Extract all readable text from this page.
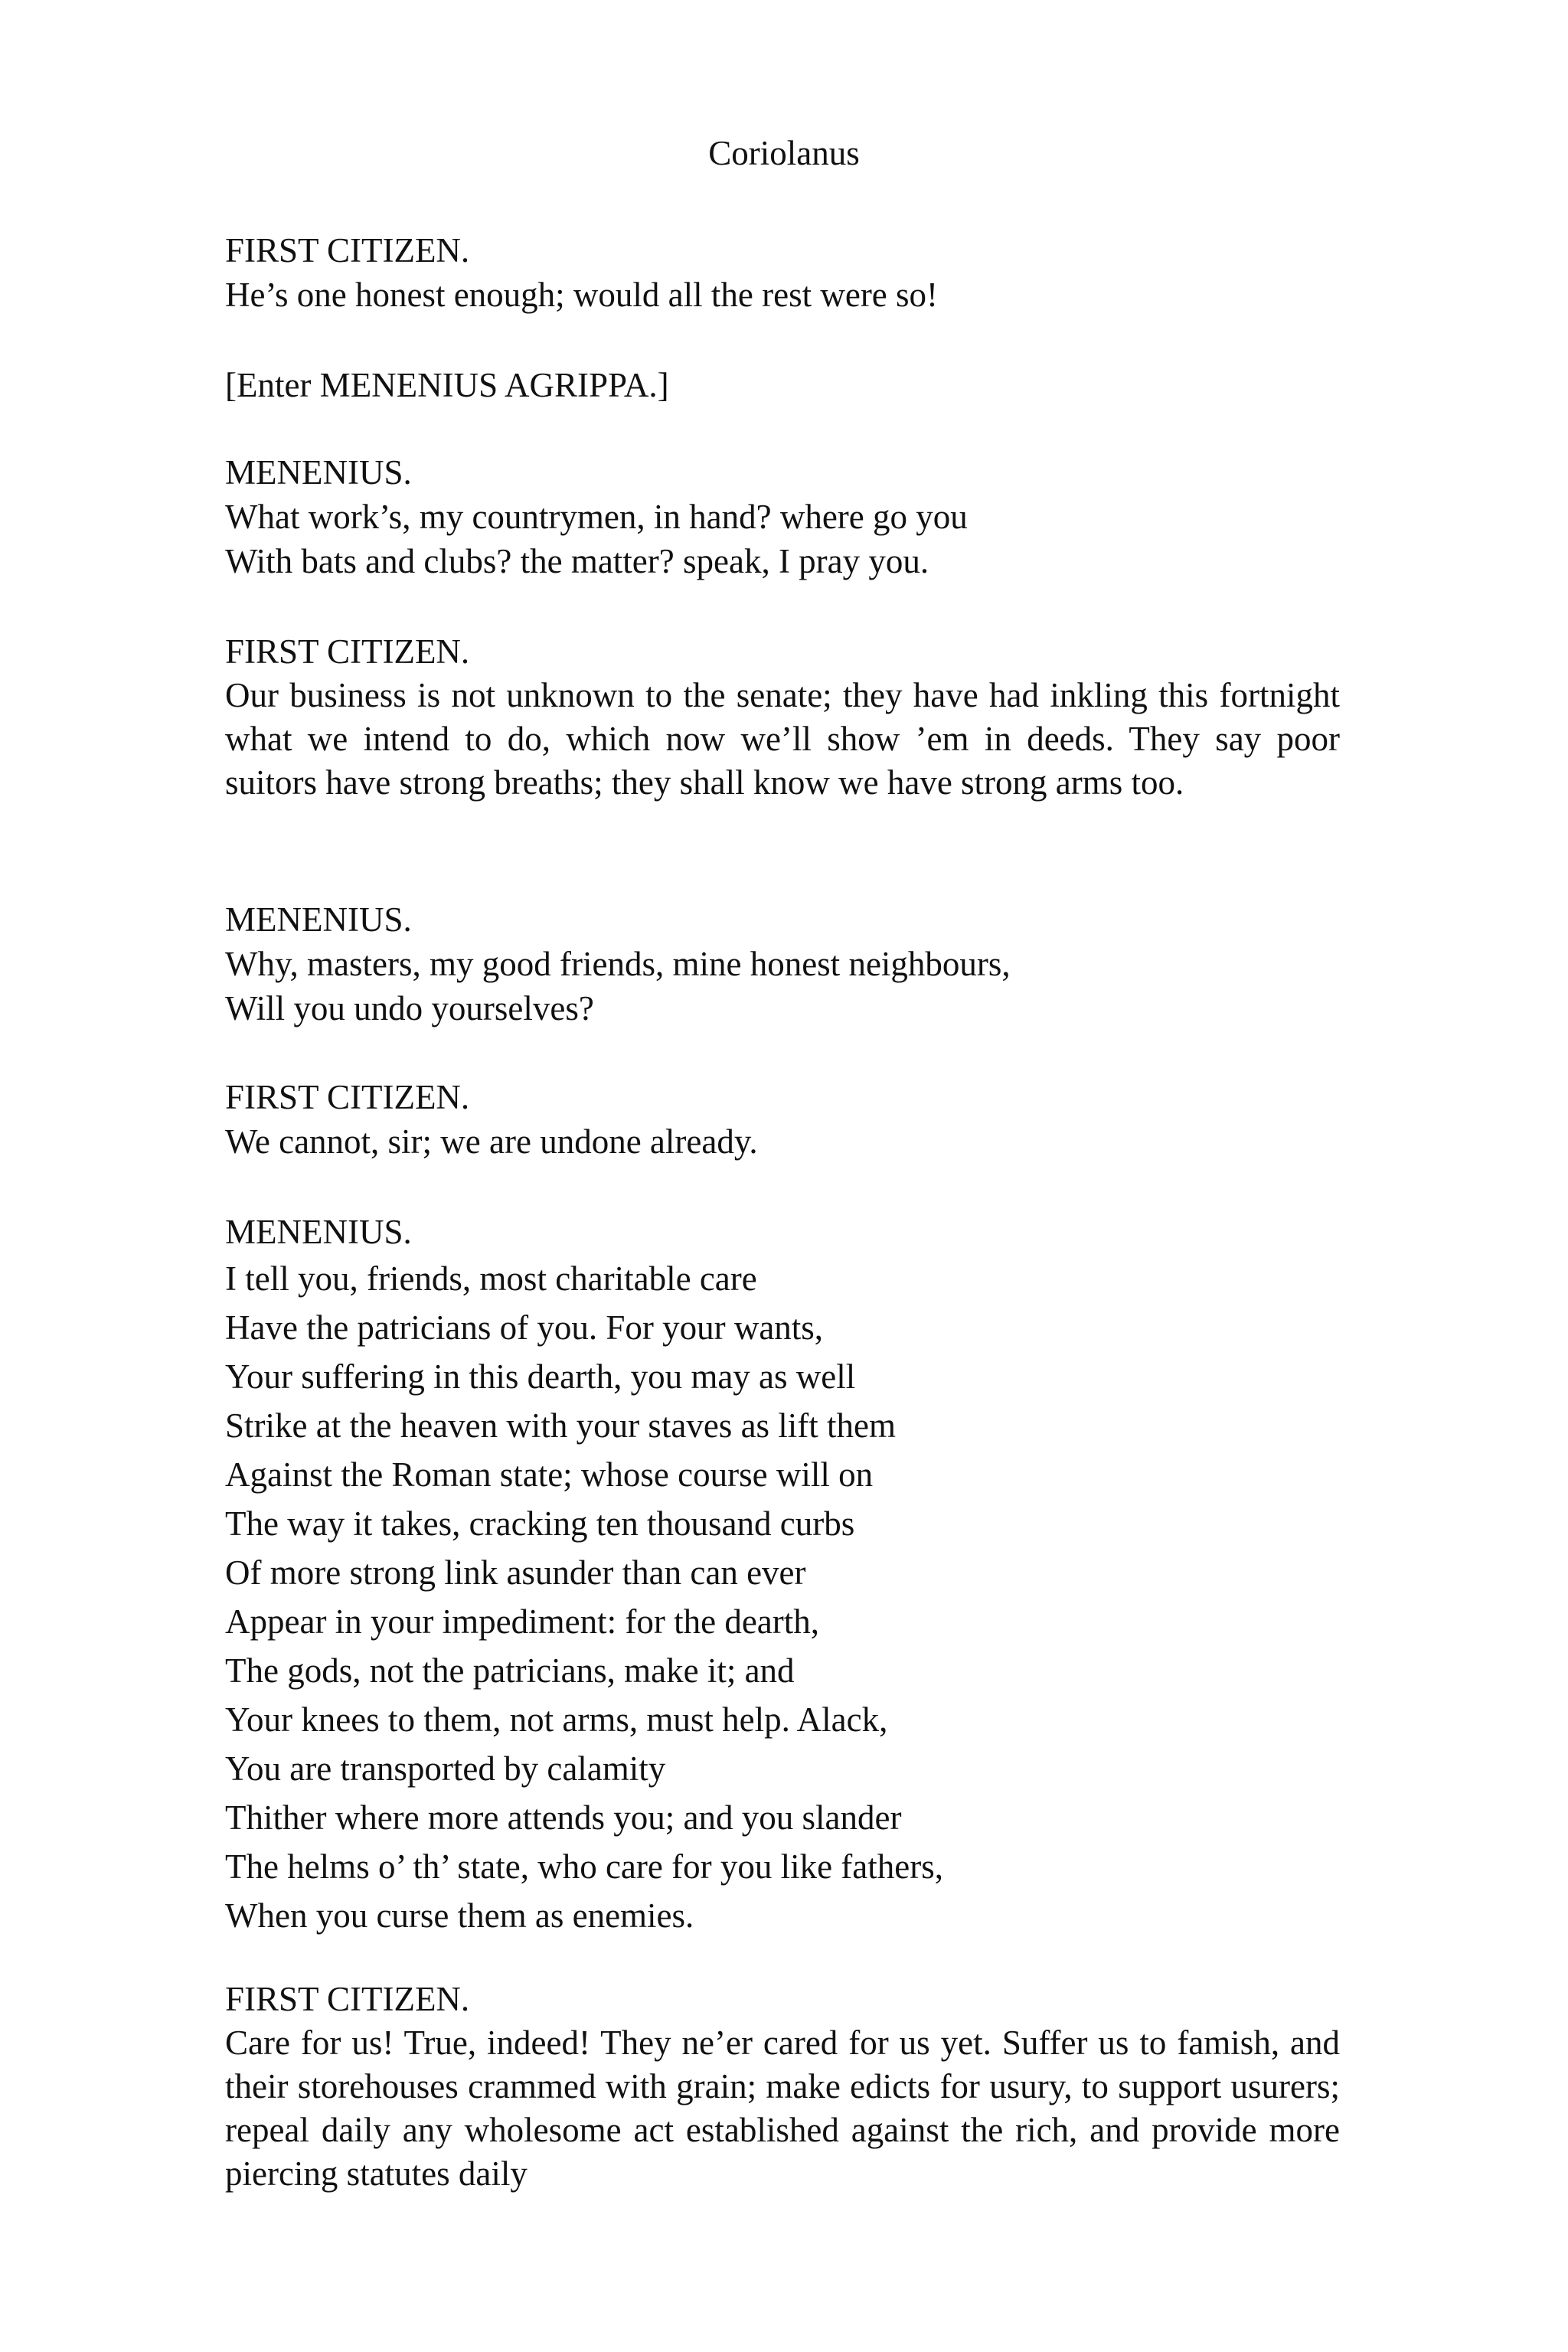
Coriolanus
FIRST CITIZEN.
He’s one honest enough; would all the rest were so!
[Enter MENENIUS AGRIPPA.]
MENENIUS.
What work’s, my countrymen, in hand? where go you
With bats and clubs? the matter? speak, I pray you.
FIRST CITIZEN.
Our business is not unknown to the senate; they have had inkling this fortnight what we intend to do, which now we’ll show ’em in deeds. They say poor suitors have strong breaths; they shall know we have strong arms too.
MENENIUS.
Why, masters, my good friends, mine honest neighbours,
Will you undo yourselves?
FIRST CITIZEN.
We cannot, sir; we are undone already.
MENENIUS.
I tell you, friends, most charitable care
Have the patricians of you. For your wants,
Your suffering in this dearth, you may as well
Strike at the heaven with your staves as lift them
Against the Roman state; whose course will on
The way it takes, cracking ten thousand curbs
Of more strong link asunder than can ever
Appear in your impediment: for the dearth,
The gods, not the patricians, make it; and
Your knees to them, not arms, must help. Alack,
You are transported by calamity
Thither where more attends you; and you slander
The helms o’ th’ state, who care for you like fathers,
When you curse them as enemies.
FIRST CITIZEN.
Care for us! True, indeed! They ne’er cared for us yet. Suffer us to famish, and their storehouses crammed with grain; make edicts for usury, to support usurers; repeal daily any wholesome act established against the rich, and provide more piercing statutes daily
